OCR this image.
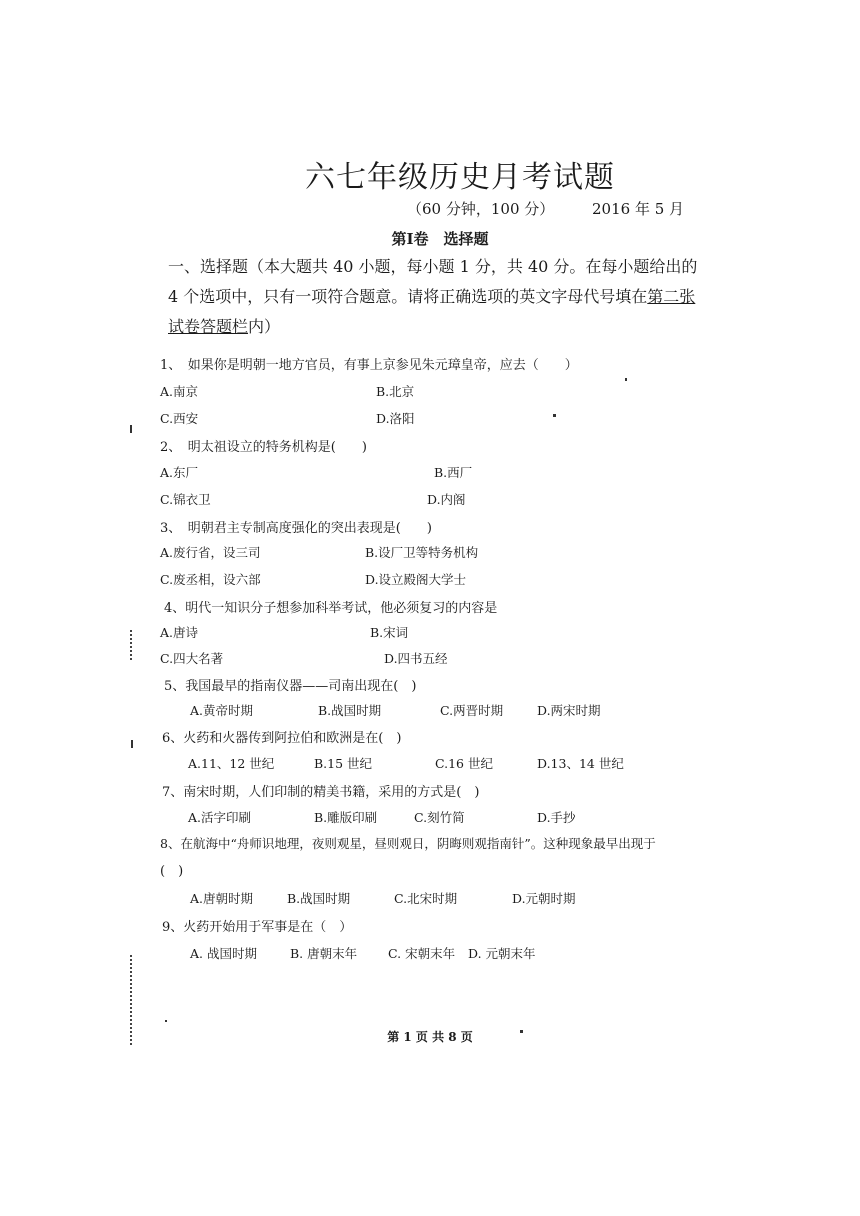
六七年级历史月考试题
（60 分钟，100 分）	2016 年 5 月
第Ⅰ卷　选择题
一、选择题（本大题共 40 小题，每小题 1 分，共 40 分。在每小题给出的 4 个选项中，只有一项符合题意。请将正确选项的英文字母代号填在第二张试卷答题栏内）
1、　如果你是明朝一地方官员，有事上京参见朱元璋皇帝，应去（　　）
A.南京	B.北京
C.西安	D.洛阳
2、　明太祖设立的特务机构是(　　)
A.东厂	B.西厂
C.锦衣卫	D.内阁
3、　明朝君主专制高度强化的突出表现是(　　)
A.废行省，设三司	B.设厂卫等特务机构
C.废丞相，设六部	D.设立殿阁大学士
4、明代一知识分子想参加科举考试，他必须复习的内容是
A.唐诗	B.宋词
C.四大名著	D.四书五经
5、我国最早的指南仪器——司南出现在(　)
A.黄帝时期	B.战国时期	C.两晋时期	D.两宋时期
6、火药和火器传到阿拉伯和欧洲是在(　)
A.11、12 世纪	B.15 世纪	C.16 世纪	D.13、14 世纪
7、南宋时期，人们印制的精美书籍，采用的方式是(　)
A.活字印刷	B.雕版印刷	C.刻竹简	D.手抄
8、在航海中“舟师识地理，夜则观星，昼则观日，阴晦则观指南针”。这种现象最早出现于
(　)
A.唐朝时期	B.战国时期	C.北宋时期	D.元朝时期
9、火药开始用于军事是在（　）
A. 战国时期	B. 唐朝末年 C. 宋朝末年 D. 元朝末年
第 1 页 共 8 页
